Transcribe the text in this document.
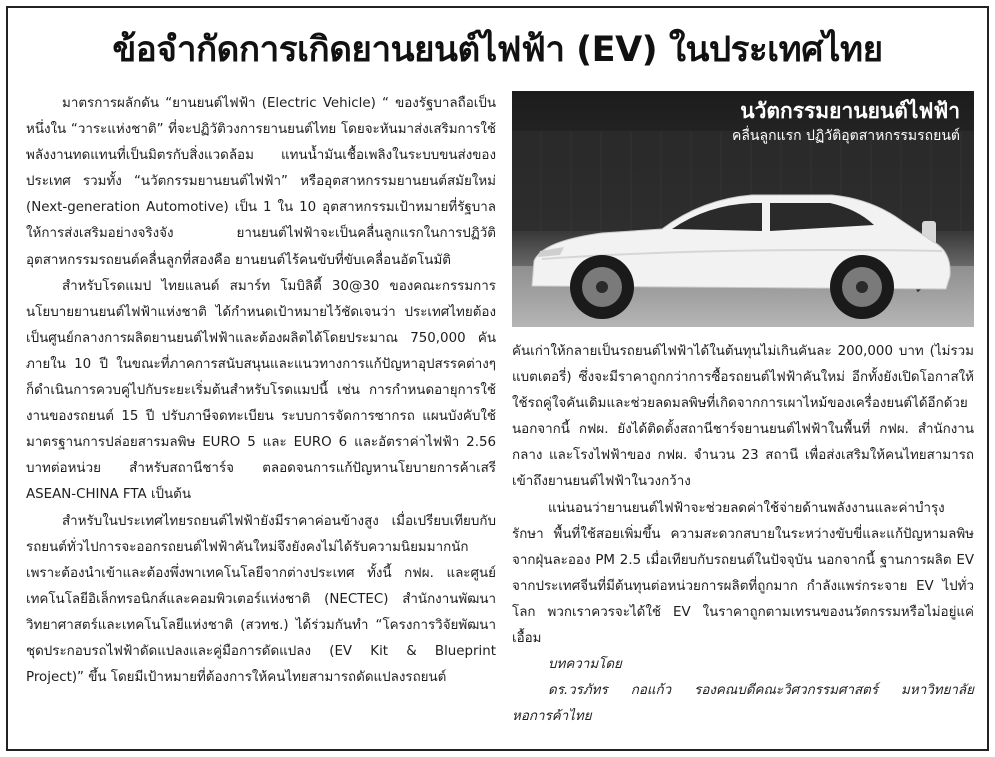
ข้อจำกัดการเกิดยานยนต์ไฟฟ้า (EV) ในประเทศไทย

มาตรการผลักดัน “ยานยนต์ไฟฟ้า (Electric Vehicle) “ ของรัฐบาลถือเป็นหนึ่งใน “วาระแห่งชาติ” ที่จะปฏิวัติวงการยานยนต์ไทย โดยจะหันมาส่งเสริมการใช้พลังงานทดแทนที่เป็นมิตรกับสิ่งแวดล้อม แทนน้ำมันเชื้อเพลิงในระบบขนส่งของประเทศ รวมทั้ง “นวัตกรรมยานยนต์ไฟฟ้า” หรืออุตสาหกรรมยานยนต์สมัยใหม่ (Next-generation Automotive) เป็น 1 ใน 10 อุตสาหกรรมเป้าหมายที่รัฐบาลให้การส่งเสริมอย่างจริงจัง ยานยนต์ไฟฟ้าจะเป็นคลื่นลูกแรกในการปฏิวัติอุตสาหกรรมรถยนต์คลื่นลูกที่สองคือ ยานยนต์ไร้คนขับที่ขับเคลื่อนอัตโนมัติ

สำหรับโรดแมป ไทยแลนด์ สมาร์ท โมบิลิตี้ 30@30 ของคณะกรรมการนโยบายยานยนต์ไฟฟ้าแห่งชาติ ได้กำหนดเป้าหมายไว้ชัดเจนว่า ประเทศไทยต้องเป็นศูนย์กลางการผลิตยานยนต์ไฟฟ้าและต้องผลิตได้โดยประมาณ 750,000 คัน ภายใน 10 ปี ในขณะที่ภาคการสนับสนุนและแนวทางการแก้ปัญหาอุปสรรคต่างๆ ก็ดำเนินการควบคู่ไปกับระยะเริ่มต้นสำหรับโรดแมปนี้ เช่น การกำหนดอายุการใช้งานของรถยนต์ 15 ปี ปรับภาษีจดทะเบียน ระบบการจัดการซากรถ แผนบังคับใช้มาตรฐานการปล่อยสารมลพิษ EURO 5 และ EURO 6 และอัตราค่าไฟฟ้า 2.56 บาทต่อหน่วย สำหรับสถานีชาร์จ ตลอดจนการแก้ปัญหานโยบายการค้าเสรี ASEAN-CHINA FTA เป็นต้น

สำหรับในประเทศไทยรถยนต์ไฟฟ้ายังมีราคาค่อนข้างสูง เมื่อเปรียบเทียบกับรถยนต์ทั่วไปการจะออกรถยนต์ไฟฟ้าคันใหม่จึงยังคงไม่ได้รับความนิยมมากนัก เพราะต้องนำเข้าและต้องพึ่งพาเทคโนโลยีจากต่างประเทศ ทั้งนี้ กฟผ. และศูนย์เทคโนโลยีอิเล็กทรอนิกส์และคอมพิวเตอร์แห่งชาติ (NECTEC) สำนักงานพัฒนาวิทยาศาสตร์และเทคโนโลยีแห่งชาติ (สวทช.) ได้ร่วมกันทำ “โครงการวิจัยพัฒนาชุดประกอบรถไฟฟ้าดัดแปลงและคู่มือการดัดแปลง (EV Kit & Blueprint Project)” ขึ้น โดยมีเป้าหมายที่ต้องการให้คนไทยสามารถดัดแปลงรถยนต์

นวัตกรรมยานยนต์ไฟฟ้า
คลื่นลูกแรก ปฏิวัติอุตสาหกรรมรถยนต์

คันเก่าให้กลายเป็นรถยนต์ไฟฟ้าได้ในต้นทุนไม่เกินคันละ 200,000 บาท (ไม่รวมแบตเตอรี่) ซึ่งจะมีราคาถูกกว่าการซื้อรถยนต์ไฟฟ้าคันใหม่ อีกทั้งยังเปิดโอกาสให้ใช้รถคู่ใจคันเดิมและช่วยลดมลพิษที่เกิดจากการเผาไหม้ของเครื่องยนต์ได้อีกด้วย นอกจากนี้ กฟผ. ยังได้ติดตั้งสถานีชาร์จยานยนต์ไฟฟ้าในพื้นที่ กฟผ. สำนักงานกลาง และโรงไฟฟ้าของ กฟผ. จำนวน 23 สถานี เพื่อส่งเสริมให้คนไทยสามารถเข้าถึงยานยนต์ไฟฟ้าในวงกว้าง

แน่นอนว่ายานยนต์ไฟฟ้าจะช่วยลดค่าใช้จ่ายด้านพลังงานและค่าบำรุงรักษา พื้นที่ใช้สอยเพิ่มขึ้น ความสะดวกสบายในระหว่างขับขี่และแก้ปัญหามลพิษจากฝุ่นละออง PM 2.5 เมื่อเทียบกับรถยนต์ในปัจจุบัน นอกจากนี้ ฐานการผลิต EV จากประเทศจีนที่มีต้นทุนต่อหน่วยการผลิตที่ถูกมาก กำลังแพร่กระจาย EV ไปทั่วโลก พวกเราควรจะได้ใช้ EV ในราคาถูกตามเทรนของนวัตกรรมหรือไม่อยู่แค่เอื้อม

บทความโดย

ดร.วรภัทร กอแก้ว รองคณบดีคณะวิศวกรรมศาสตร์ มหาวิทยาลัยหอการค้าไทย
